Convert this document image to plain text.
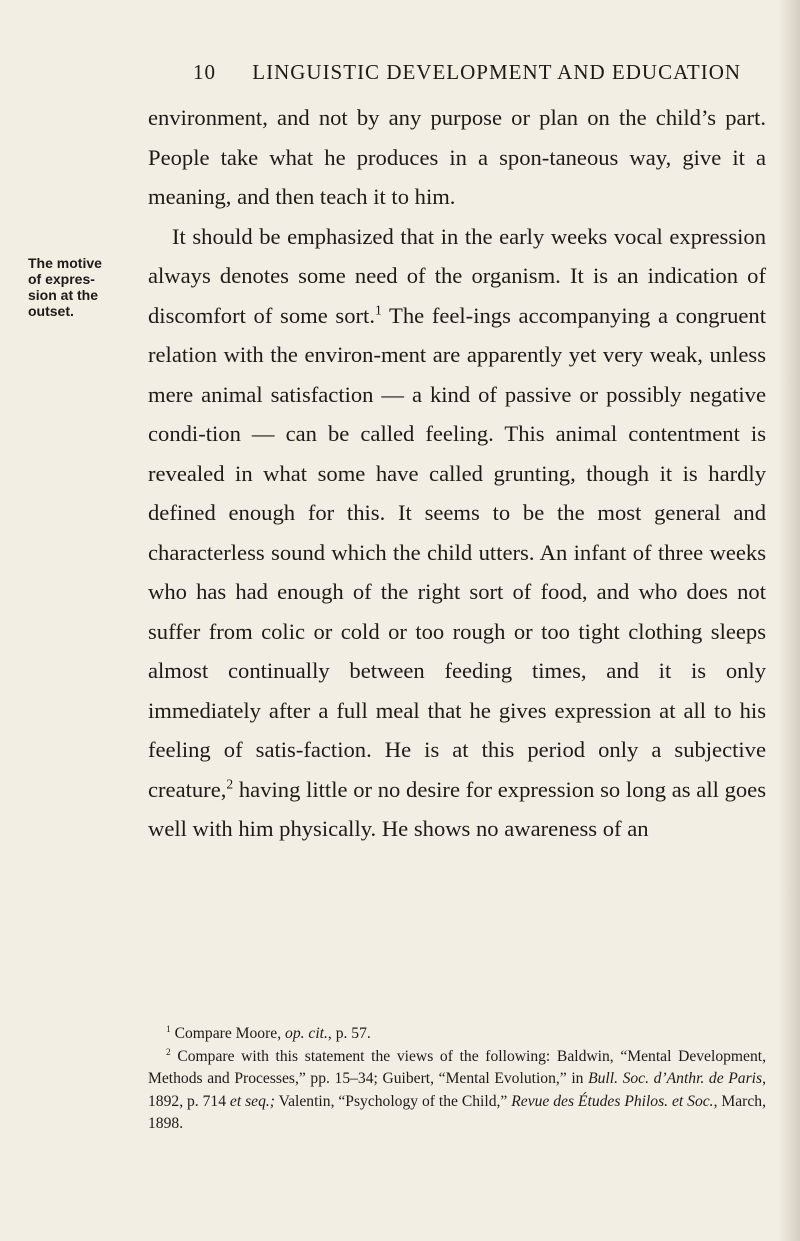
10 LINGUISTIC DEVELOPMENT AND EDUCATION
The motive
of expres-
sion at the
outset.

environment, and not by any purpose or plan on the child’s part. People take what he produces in a spon-taneous way, give it a meaning, and then teach it to him.

It should be emphasized that in the early weeks vocal expression always denotes some need of the organism. It is an indication of discomfort of some sort.$^1$ The feel-ings accompanying a congruent relation with the environ-ment are apparently yet very weak, unless mere animal satisfaction — a kind of passive or possibly negative condi-tion — can be called feeling. This animal contentment is revealed in what some have called grunting, though it is hardly defined enough for this. It seems to be the most general and characterless sound which the child utters. An infant of three weeks who has had enough of the right sort of food, and who does not suffer from colic or cold or too rough or too tight clothing sleeps almost continually between feeding times, and it is only immediately after a full meal that he gives expression at all to his feeling of satis-faction. He is at this period only a subjective creature,$^2$ having little or no desire for expression so long as all goes well with him physically. He shows no awareness of an

$^1$ Compare Moore, op. cit., p. 57.

$^2$ Compare with this statement the views of the following: Baldwin, “Mental Development, Methods and Processes,” pp. 15–34; Guibert, “Mental Evolution,” in Bull. Soc. d’Anthr. de Paris, 1892, p. 714 et seq.; Valentin, “Psychology of the Child,” Revue des Études Philos. et Soc., March, 1898.
